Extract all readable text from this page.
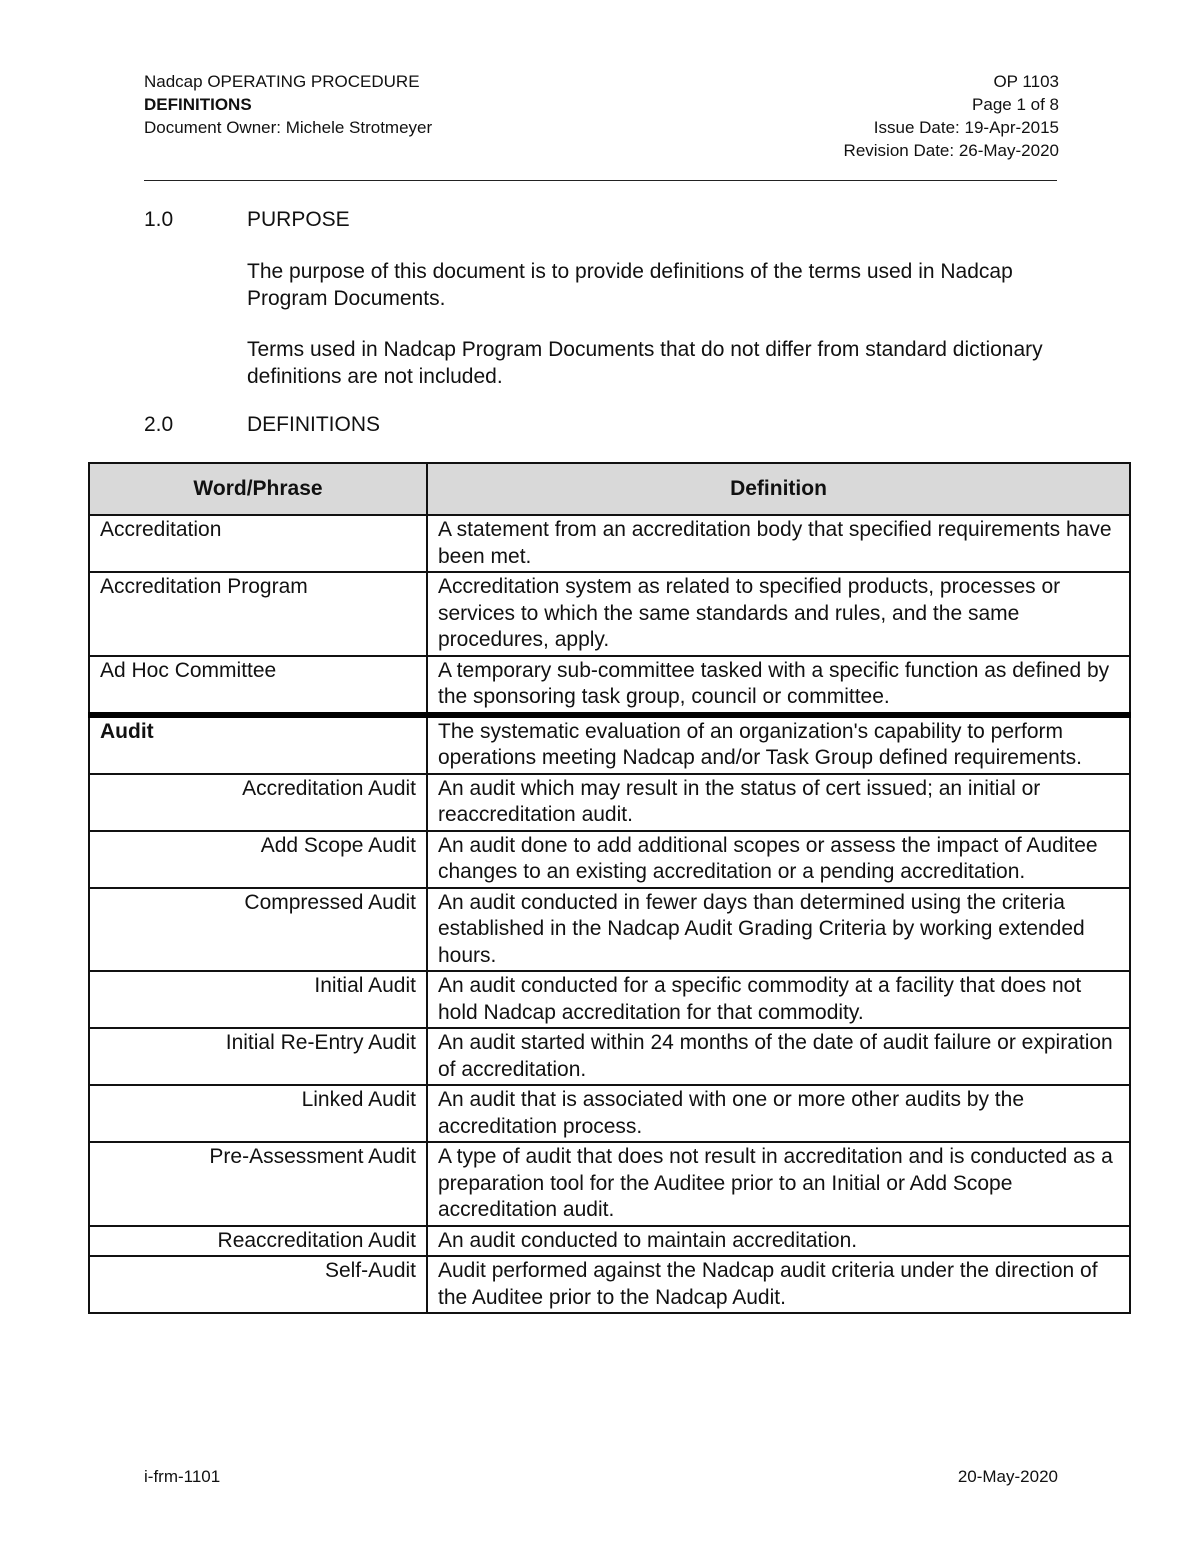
Nadcap OPERATING PROCEDURE	OP 1103
DEFINITIONS	Page 1 of 8
Document Owner: Michele Strotmeyer	Issue Date: 19-Apr-2015
Revision Date: 26-May-2020
1.0	PURPOSE
The purpose of this document is to provide definitions of the terms used in Nadcap Program Documents.
Terms used in Nadcap Program Documents that do not differ from standard dictionary definitions are not included.
2.0	DEFINITIONS
Word/Phrase	Definition
Accreditation	A statement from an accreditation body that specified requirements have been met.
Accreditation Program	Accreditation system as related to specified products, processes or services to which the same standards and rules, and the same procedures, apply.
Ad Hoc Committee	A temporary sub-committee tasked with a specific function as defined by the sponsoring task group, council or committee.
Audit	The systematic evaluation of an organization's capability to perform operations meeting Nadcap and/or Task Group defined requirements.
Accreditation Audit	An audit which may result in the status of cert issued; an initial or reaccreditation audit.
Add Scope Audit	An audit done to add additional scopes or assess the impact of Auditee changes to an existing accreditation or a pending accreditation.
Compressed Audit	An audit conducted in fewer days than determined using the criteria established in the Nadcap Audit Grading Criteria by working extended hours.
Initial Audit	An audit conducted for a specific commodity at a facility that does not hold Nadcap accreditation for that commodity.
Initial Re-Entry Audit	An audit started within 24 months of the date of audit failure or expiration of accreditation.
Linked Audit	An audit that is associated with one or more other audits by the accreditation process.
Pre-Assessment Audit	A type of audit that does not result in accreditation and is conducted as a preparation tool for the Auditee prior to an Initial or Add Scope accreditation audit.
Reaccreditation Audit	An audit conducted to maintain accreditation.
Self-Audit	Audit performed against the Nadcap audit criteria under the direction of the Auditee prior to the Nadcap Audit.
i-frm-1101	20-May-2020
